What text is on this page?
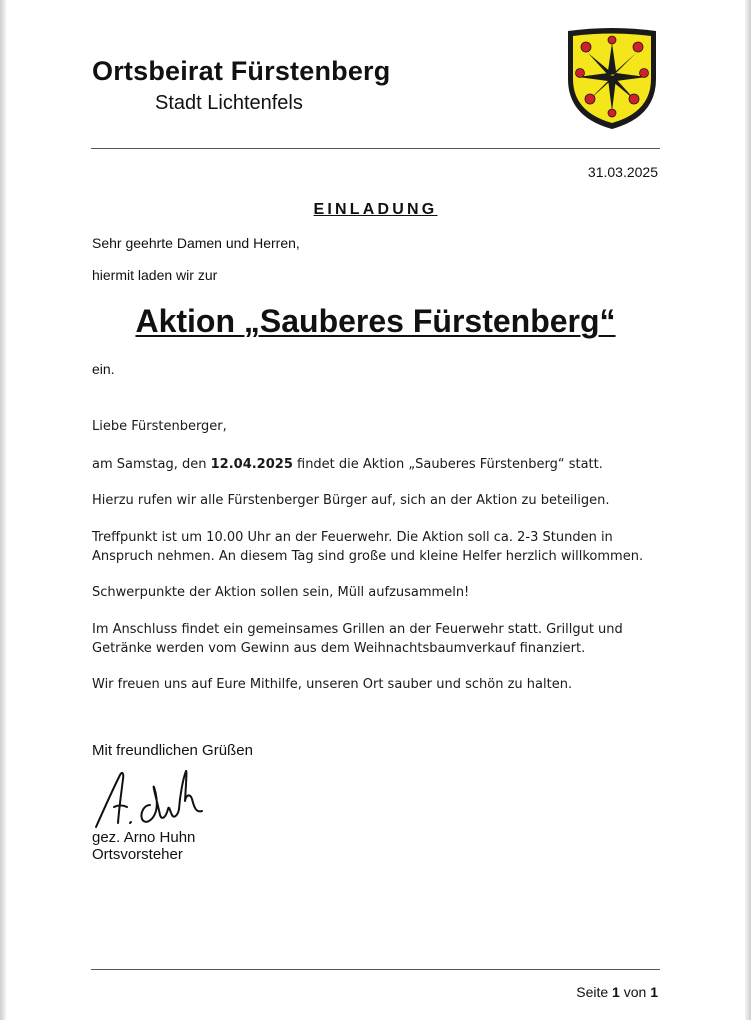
Ortsbeirat Fürstenberg
Stadt Lichtenfels
31.03.2025
EINLADUNG
Sehr geehrte Damen und Herren,
hiermit laden wir zur
Aktion „Sauberes Fürstenberg“
ein.

Liebe Fürstenberger,

am Samstag, den 12.04.2025 findet die Aktion „Sauberes Fürstenberg“ statt.

Hierzu rufen wir alle Fürstenberger Bürger auf, sich an der Aktion zu beteiligen.

Treffpunkt ist um 10.00 Uhr an der Feuerwehr. Die Aktion soll ca. 2-3 Stunden in Anspruch nehmen. An diesem Tag sind große und kleine Helfer herzlich willkommen.

Schwerpunkte der Aktion sollen sein, Müll aufzusammeln!

Im Anschluss findet ein gemeinsames Grillen an der Feuerwehr statt. Grillgut und Getränke werden vom Gewinn aus dem Weihnachtsbaumverkauf finanziert.

Wir freuen uns auf Eure Mithilfe, unseren Ort sauber und schön zu halten.

Mit freundlichen Grüßen
gez. Arno Huhn
Ortsvorsteher
Seite 1 von 1
